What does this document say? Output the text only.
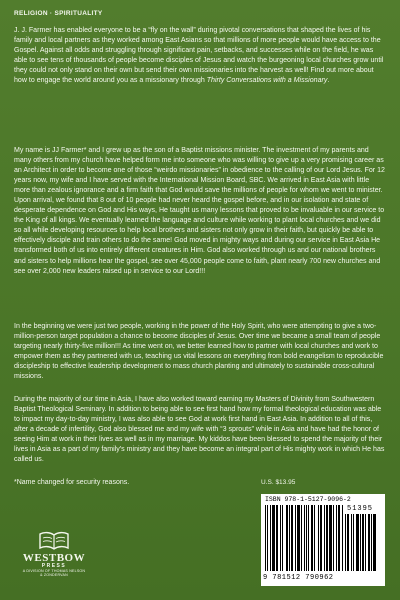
RELIGION · SPIRITUALITY

J. J. Farmer has enabled everyone to be a “fly on the wall” during pivotal conversations that shaped the lives of his family and local partners as they worked among East Asians so that millions of more people would have access to the Gospel. Against all odds and struggling through significant pain, setbacks, and successes while on the field, he was able to see tens of thousands of people become disciples of Jesus and watch the burgeoning local churches grow until they could not only stand on their own but send their own missionaries into the harvest as well! Find out more about how to engage the world around you as a missionary through Thirty Conversations with a Missionary.

My name is JJ Farmer* and I grew up as the son of a Baptist missions minister. The investment of my parents and many others from my church have helped form me into someone who was willing to give up a very promising career as an Architect in order to become one of those “weirdo missionaries” in obedience to the calling of our Lord Jesus. For 12 years now, my wife and I have served with the International Mission Board, SBC. We arrived in East Asia with little more than zealous ignorance and a firm faith that God would save the millions of people for whom we went to minister. Upon arrival, we found that 8 out of 10 people had never heard the gospel before, and in our isolation and state of desperate dependence on God and His ways, He taught us many lessons that proved to be invaluable in our service to the King of all kings. We eventually learned the language and culture while working to plant local churches and we did so all while developing resources to help local brothers and sisters not only grow in their faith, but quickly be able to effectively disciple and train others to do the same! God moved in mighty ways and during our service in East Asia He transformed both of us into entirely different creatures in Him. God also worked through us and our national brothers and sisters to help millions hear the gospel, see over 45,000 people come to faith, plant nearly 700 new churches and see over 2,000 new leaders raised up in service to our Lord!!!

In the beginning we were just two people, working in the power of the Holy Spirit, who were attempting to give a two-million-person target population a chance to become disciples of Jesus. Over time we became a small team of people targeting nearly thirty-five million!!! As time went on, we better learned how to partner with local churches and work to empower them as they partnered with us, teaching us vital lessons on everything from bold evangelism to reproducible discipleship to effective leadership development to mass church planting and ultimately to sustainable cross-cultural missions.

During the majority of our time in Asia, I have also worked toward earning my Masters of Divinity from Southwestern Baptist Theological Seminary. In addition to being able to see first hand how my formal theological education was able to impact my day-to-day ministry, I was also able to see God at work first hand in East Asia. In addition to all of this, after a decade of infertility, God also blessed me and my wife with “3 sprouts” while in Asia and have had the honor of seeing Him at work in their lives as well as in my marriage. My kiddos have been blessed to spend the majority of their lives in Asia as a part of my family’s ministry and they have become an integral part of His mighty work in which He has called us.

*Name changed for security reasons.	U.S. $13.95
ISBN 978-1-5127-9096-2
51395
9 781512 790962
WESTBOW
PRESS
A DIVISION OF THOMAS NELSON
& ZONDERVAN
